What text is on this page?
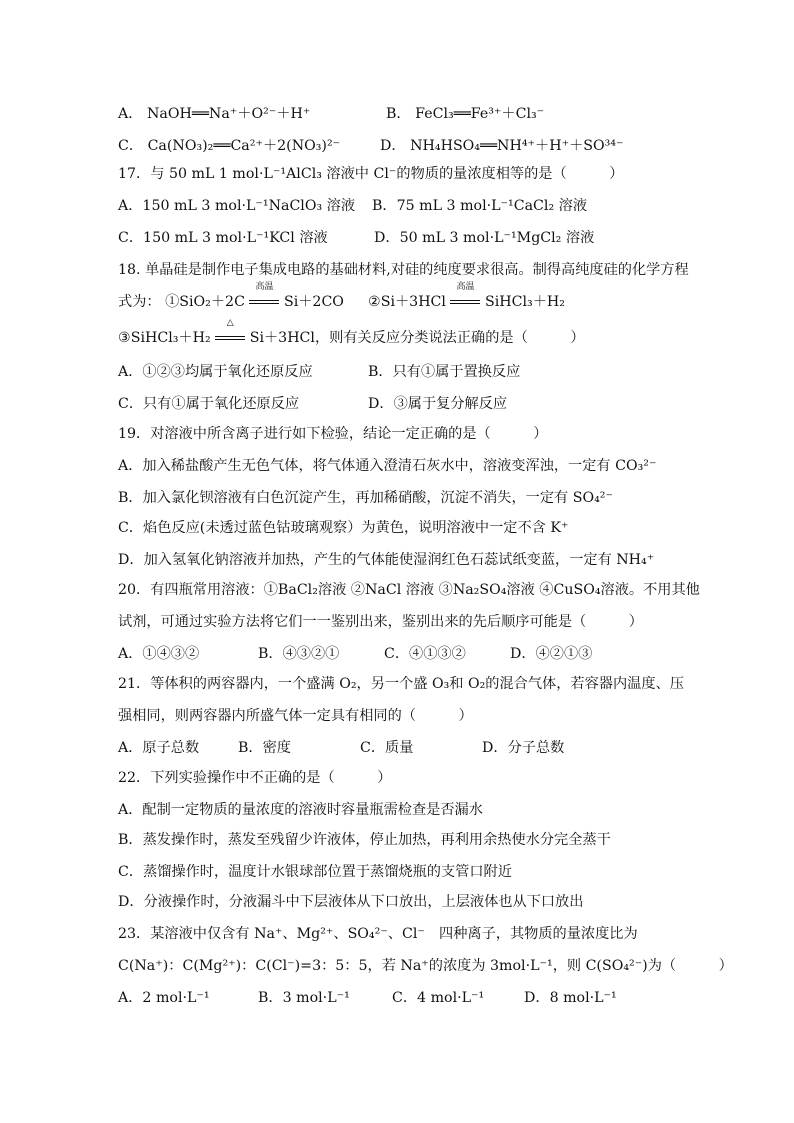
A． NaOH══Na⁺＋O²⁻＋H⁺	B． FeCl₃══Fe³⁺＋Cl₃⁻
C． Ca(NO₃)₂══Ca²⁺＋2(NO₃)²⁻	D． NH₄HSO₄══NH⁴⁺＋H⁺＋SO³⁴⁻
17．与 50 mL 1 mol·L⁻¹AlCl₃ 溶液中 Cl⁻的物质的量浓度相等的是（　　　）
A．150 mL 3 mol·L⁻¹NaClO₃ 溶液 B．75 mL 3 mol·L⁻¹CaCl₂ 溶液
C．150 mL 3 mol·L⁻¹KCl 溶液	D．50 mL 3 mol·L⁻¹MgCl₂ 溶液
18. 单晶硅是制作电子集成电路的基础材料,对硅的纯度要求很高。制得高纯度硅的化学方程
式为： ①SiO₂＋2C
高温
Si＋2CO ②Si＋3HCl
高温
SiHCl₃＋H₂
③SiHCl₃＋H₂
△
Si＋3HCl，则有关反应分类说法正确的是（　　　）
A．①②③均属于氧化还原反应	B．只有①属于置换反应
C．只有①属于氧化还原反应	D．③属于复分解反应
19．对溶液中所含离子进行如下检验，结论一定正确的是（　　　）
A．加入稀盐酸产生无色气体，将气体通入澄清石灰水中，溶液变浑浊，一定有 CO₃²⁻
B．加入氯化钡溶液有白色沉淀产生，再加稀硝酸，沉淀不消失，一定有 SO₄²⁻
C．焰色反应(未透过蓝色钴玻璃观察）为黄色，说明溶液中一定不含 K⁺
D．加入氢氧化钠溶液并加热，产生的气体能使湿润红色石蕊试纸变蓝，一定有 NH₄⁺
20．有四瓶常用溶液：①BaCl₂溶液 ②NaCl 溶液 ③Na₂SO₄溶液 ④CuSO₄溶液。不用其他
试剂，可通过实验方法将它们一一鉴别出来，鉴别出来的先后顺序可能是（　　　）
A．①④③②	B．④③②①	C．④①③②	D．④②①③
21．等体积的两容器内，一个盛满 O₂，另一个盛 O₃和 O₂的混合气体，若容器内温度、压
强相同，则两容器内所盛气体一定具有相同的（　　　）
A．原子总数	B．密度	C．质量	D．分子总数
22．下列实验操作中不正确的是（　　　）
A．配制一定物质的量浓度的溶液时容量瓶需检查是否漏水
B．蒸发操作时，蒸发至残留少许液体，停止加热，再利用余热使水分完全蒸干
C．蒸馏操作时，温度计水银球部位置于蒸馏烧瓶的支管口附近
D．分液操作时，分液漏斗中下层液体从下口放出，上层液体也从下口放出
23．某溶液中仅含有 Na⁺、Mg²⁺、SO₄²⁻、Cl⁻　四种离子，其物质的量浓度比为
C(Na⁺)：C(Mg²⁺)：C(Cl⁻)=3：5：5，若 Na⁺的浓度为 3mol·L⁻¹，则 C(SO₄²⁻)为（　　　）
A．2 mol·L⁻¹	B．3 mol·L⁻¹	C．4 mol·L⁻¹	D．8 mol·L⁻¹
